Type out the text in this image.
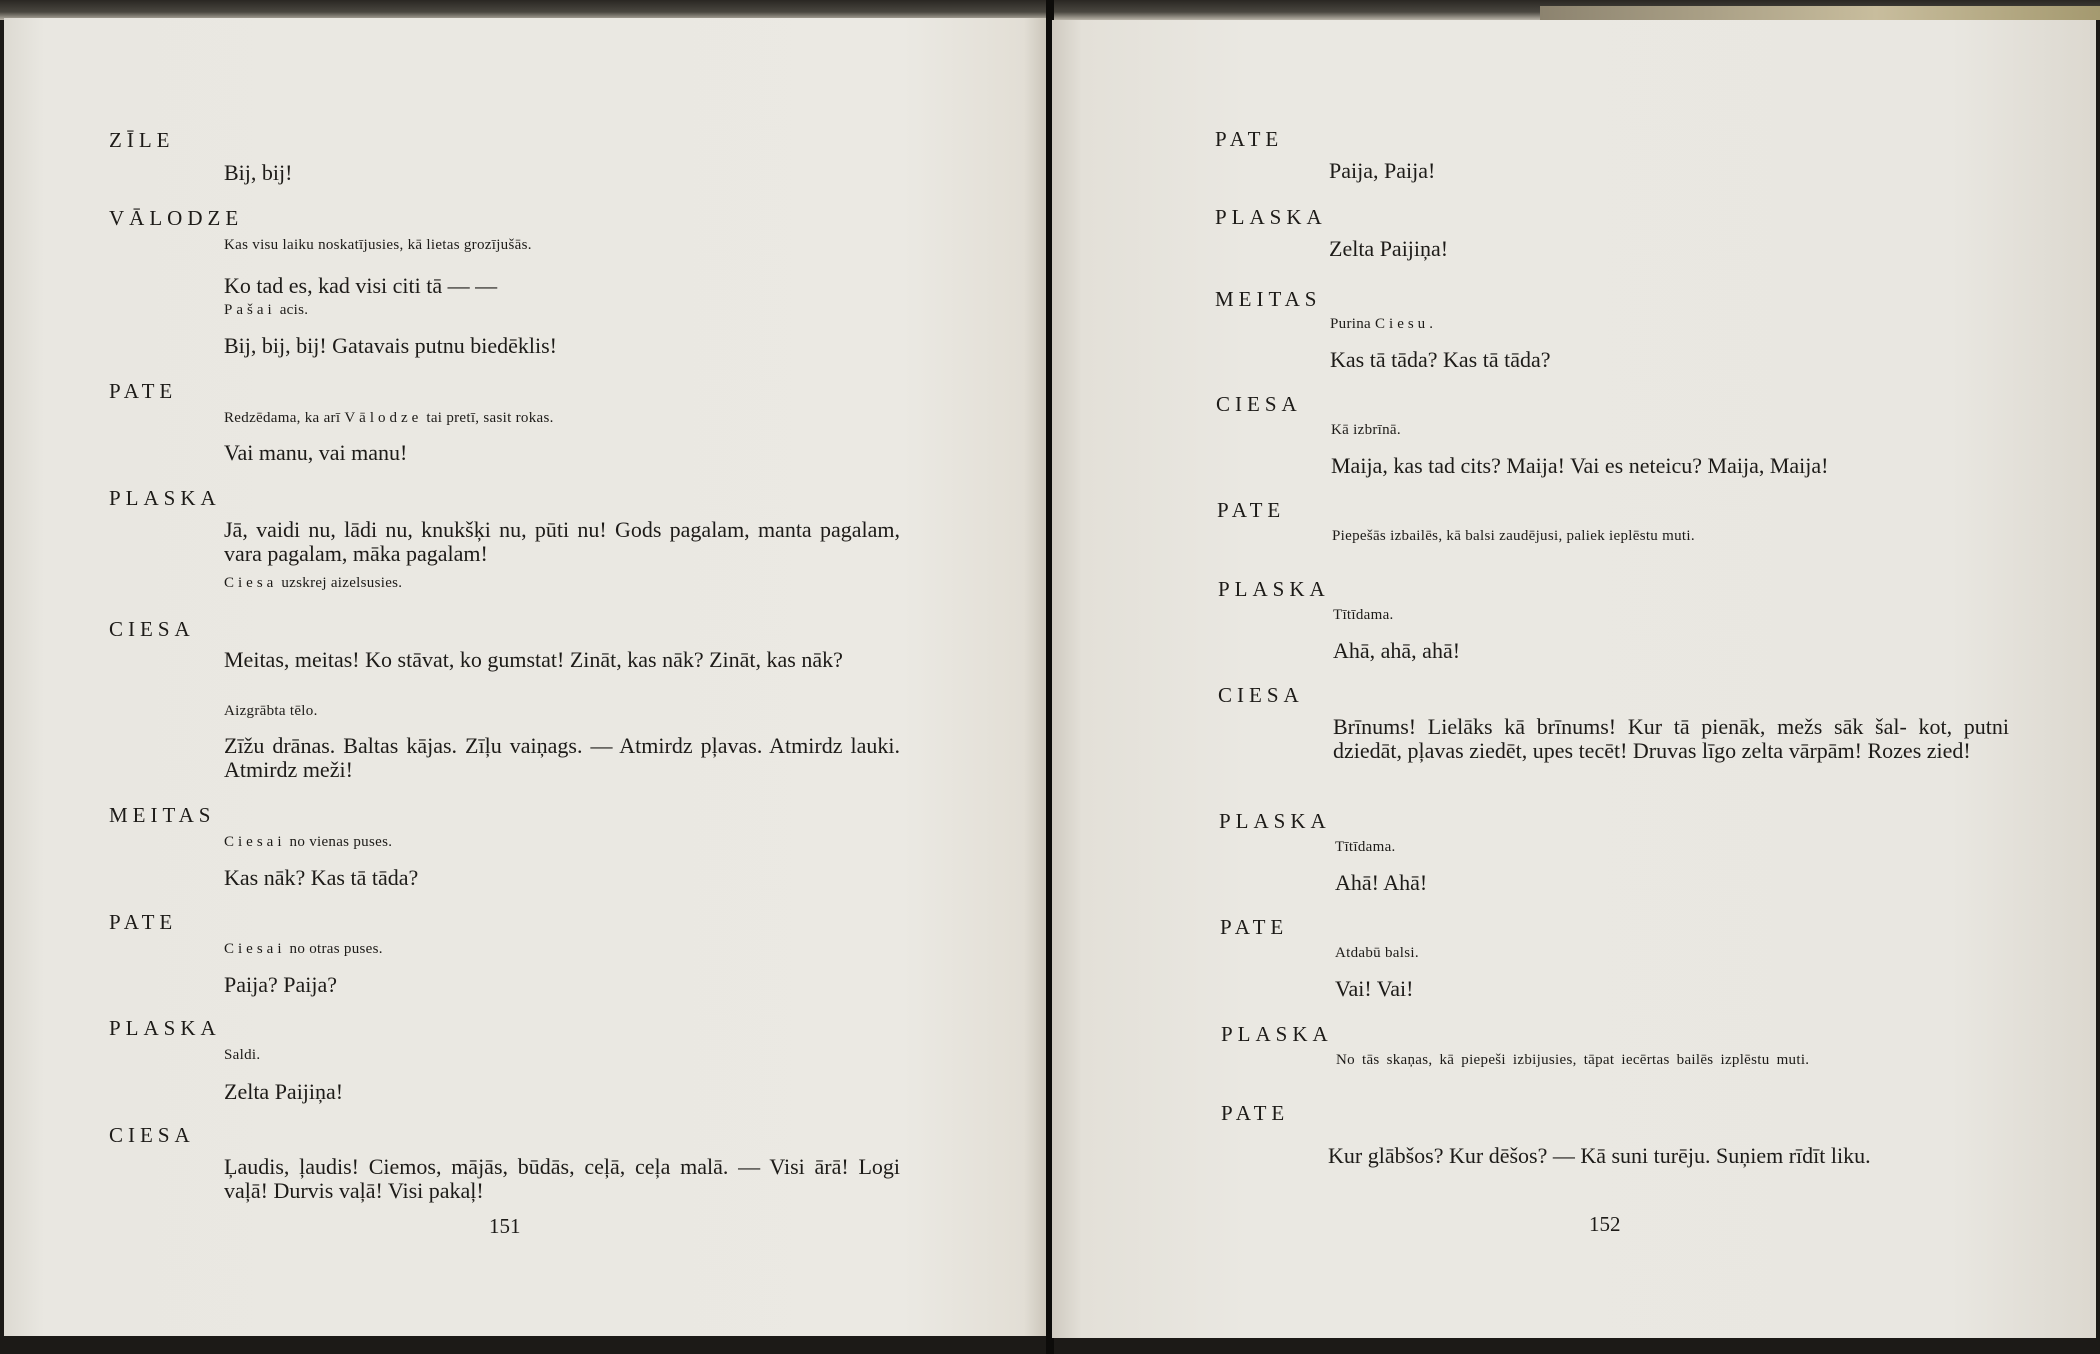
ZĪLE
Bij, bij!
VĀLODZE
Kas visu laiku noskatījusies, kā lietas grozījušās.
Ko tad es, kad visi citi tā — —
Pašai acis.
Bij, bij, bij! Gatavais putnu biedēklis!
PATE
Redzēdama, ka arī Vālodze tai pretī, sasit rokas.
Vai manu, vai manu!
PLASKA
Jā, vaidi nu, lādi nu, knukšķi nu, pūti nu! Gods pagalam, manta pagalam, vara pagalam, māka pagalam!
Ciesa uzskrej aizelsusies.
CIESA
Meitas, meitas! Ko stāvat, ko gumstat! Zināt, kas nāk? Zināt, kas nāk?
Aizgrābta tēlo.
Zīžu drānas. Baltas kājas. Zīļu vaiņags. — Atmirdz pļavas. Atmirdz lauki. Atmirdz meži!
MEITAS
Ciesai no vienas puses.
Kas nāk? Kas tā tāda?
PATE
Ciesai no otras puses.
Paija? Paija?
PLASKA
Saldi.
Zelta Paijiņa!
CIESA
Ļaudis, ļaudis! Ciemos, mājās, būdās, ceļā, ceļa malā. — Visi ārā! Logi vaļā! Durvis vaļā! Visi pakaļ!
151
PATE
Paija, Paija!
PLASKA
Zelta Paijiņa!
MEITAS
Purina Ciesu.
Kas tā tāda? Kas tā tāda?
CIESA
Kā izbrīnā.
Maija, kas tad cits? Maija! Vai es neteicu? Maija, Maija!
PATE
Piepešās izbailēs, kā balsi zaudējusi, paliek ieplēstu muti.
PLASKA
Tītīdama.
Ahā, ahā, ahā!
CIESA
Brīnums! Lielāks kā brīnums! Kur tā pienāk, mežs sāk šal- kot, putni dziedāt, pļavas ziedēt, upes tecēt! Druvas līgo zelta vārpām! Rozes zied!
PLASKA
Tītīdama.
Ahā! Ahā!
PATE
Atdabū balsi.
Vai! Vai!
PLASKA
No tās skaņas, kā piepeši izbijusies, tāpat iecērtas bailēs izplēstu muti.
PATE
Kur glābšos? Kur dēšos? — Kā suni turēju. Suņiem rīdīt liku.
152
